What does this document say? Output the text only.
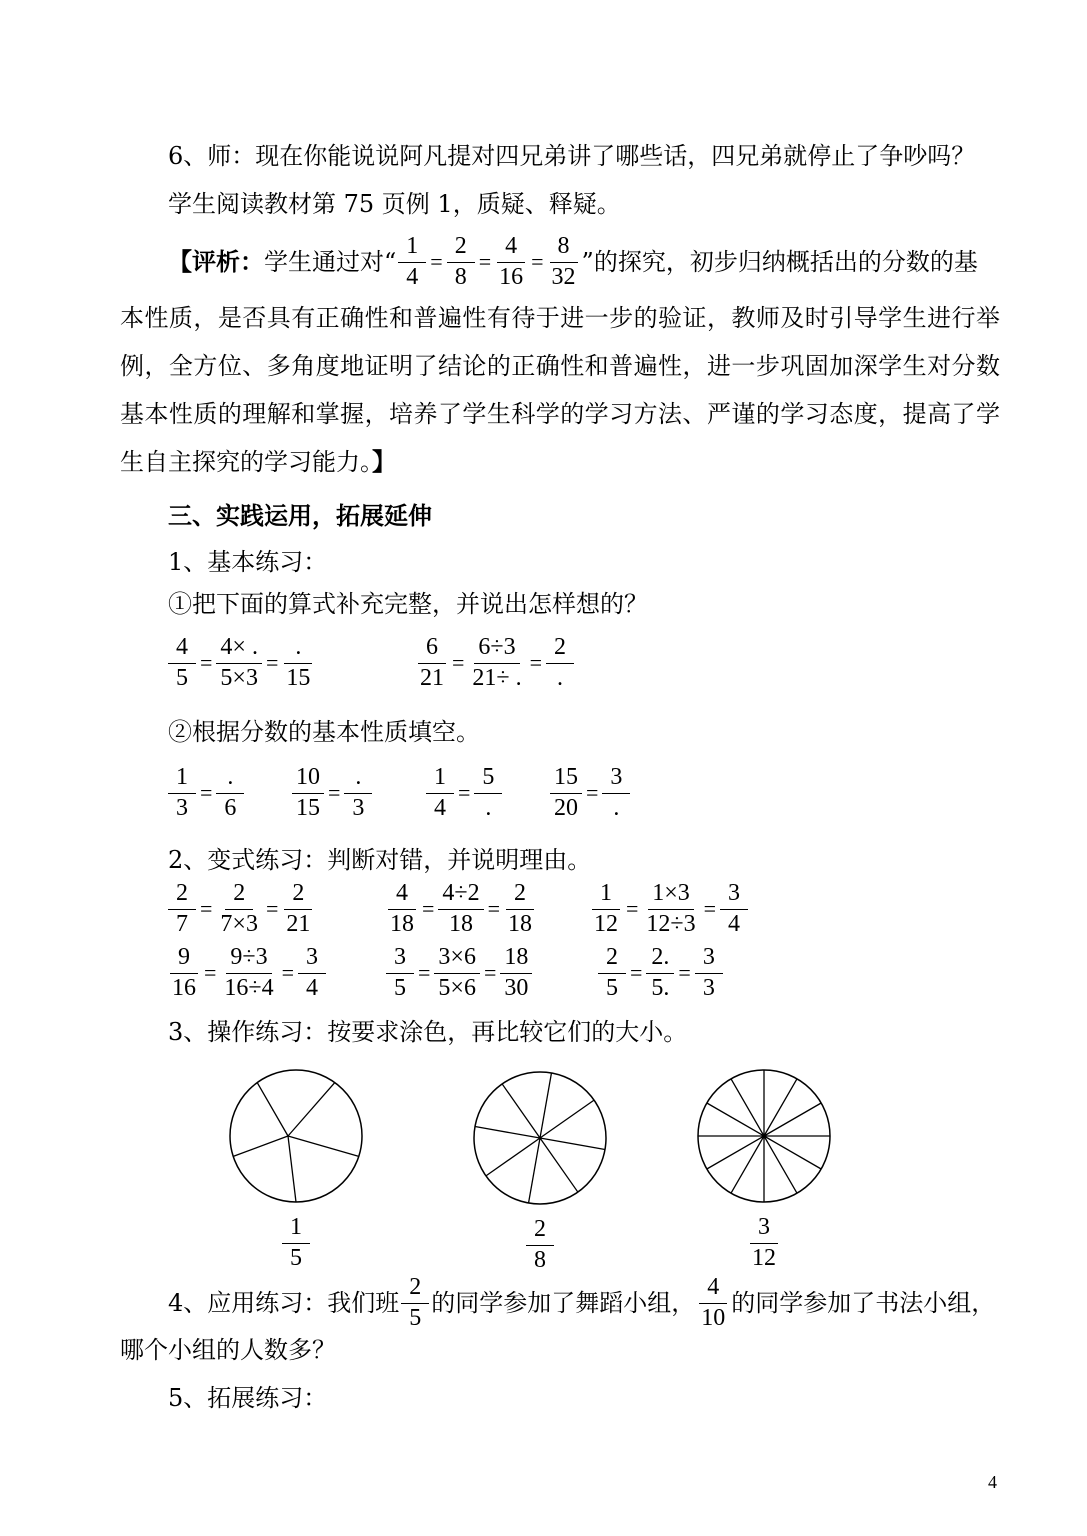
6、师：现在你能说说阿凡提对四兄弟讲了哪些话，四兄弟就停止了争吵吗？
学生阅读教材第 75 页例 1，质疑、释疑。
【评析： 学生通过对“ $\frac{1}{4} = \frac{2}{8} = \frac{4}{16} = \frac{8}{32}$ ”的探究，初步归纳概括出的分数的基
本性质，是否具有正确性和普遍性有待于进一步的验证，教师及时引导学生进行举例，全方位、多角度地证明了结论的正确性和普遍性，进一步巩固加深学生对分数基本性质的理解和掌握，培养了学生科学的学习方法、严谨的学习态度，提高了学生自主探究的学习能力。】
三、实践运用，拓展延伸
1、基本练习：
①把下面的算式补充完整，并说出怎样想的？
$\frac{4}{5} = \frac{4\times .}{5\times 3} = \frac{.}{15}$	$\frac{6}{21} = \frac{6\div 3}{21\div .} = \frac{2}{.}$
②根据分数的基本性质填空。
$\frac{1}{3} = \frac{.}{6} \frac{10}{15} = \frac{.}{3} \frac{1}{4} = \frac{5}{.} \frac{15}{20} = \frac{3}{.}$
2、变式练习：判断对错，并说明理由。
$\frac{2}{7} = \frac{2}{7\times 3} = \frac{2}{21}$	$\frac{4}{18} = \frac{4\div 2}{18} = \frac{2}{18} \frac{1}{12} = \frac{1\times 3}{12\div 3} = \frac{3}{4}$
$\frac{9}{16} = \frac{9\div 3}{16\div 4} = \frac{3}{4} \frac{3}{5} = \frac{3\times 6}{5\times 6} = \frac{18}{30}$	$\frac{2}{5} = \frac{2.}{5.} = \frac{3}{3}$
3、操作练习：按要求涂色，再比较它们的大小。
$\frac{1}{5}$	$\frac{2}{8}$	$\frac{3}{12}$
4、应用练习：我们班 $\frac{2}{5}$ 的同学参加了舞蹈小组， $\frac{4}{10}$ 的同学参加了书法小组，
哪个小组的人数多？
5、拓展练习：
4
